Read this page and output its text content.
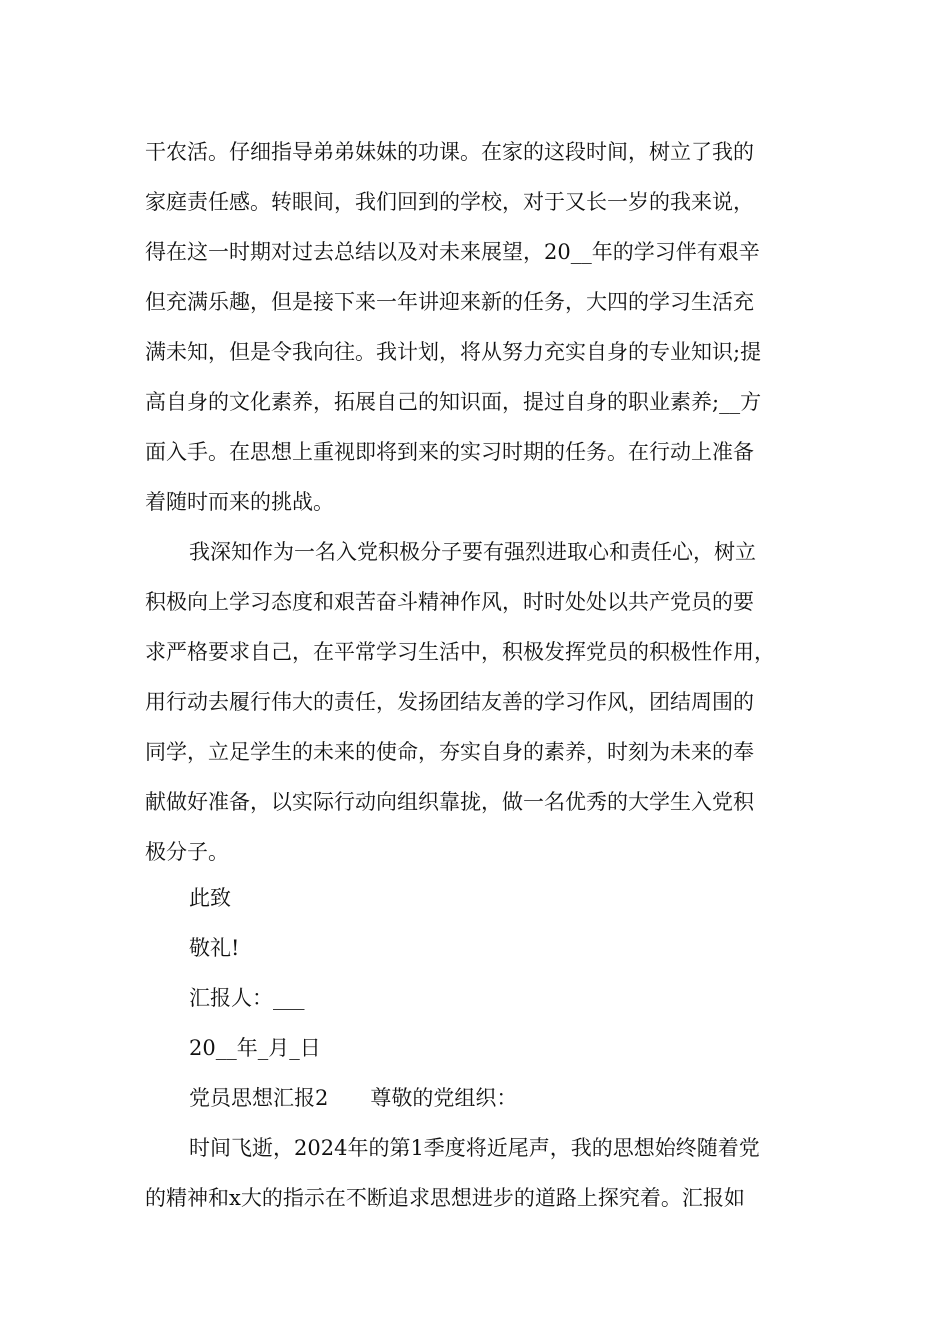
干农活。仔细指导弟弟妹妹的功课。在家的这段时间，树立了我的
家庭责任感。转眼间，我们回到的学校，对于又长一岁的我来说，
得在这一时期对过去总结以及对未来展望，20__年的学习伴有艰辛
但充满乐趣，但是接下来一年讲迎来新的任务，大四的学习生活充
满未知，但是令我向往。我计划，将从努力充实自身的专业知识;提
高自身的文化素养，拓展自己的知识面，提过自身的职业素养;__方
面入手。在思想上重视即将到来的实习时期的任务。在行动上准备
着随时而来的挑战。
我深知作为一名入党积极分子要有强烈进取心和责任心，树立
积极向上学习态度和艰苦奋斗精神作风，时时处处以共产党员的要
求严格要求自己，在平常学习生活中，积极发挥党员的积极性作用，
用行动去履行伟大的责任，发扬团结友善的学习作风，团结周围的
同学，立足学生的未来的使命，夯实自身的素养，时刻为未来的奉
献做好准备，以实际行动向组织靠拢，做一名优秀的大学生入党积
极分子。
此致
敬礼!
汇报人：___
20__年_月_日
党员思想汇报2 尊敬的党组织：
时间飞逝，2024年的第1季度将近尾声，我的思想始终随着党
的精神和x大的指示在不断追求思想进步的道路上探究着。汇报如
